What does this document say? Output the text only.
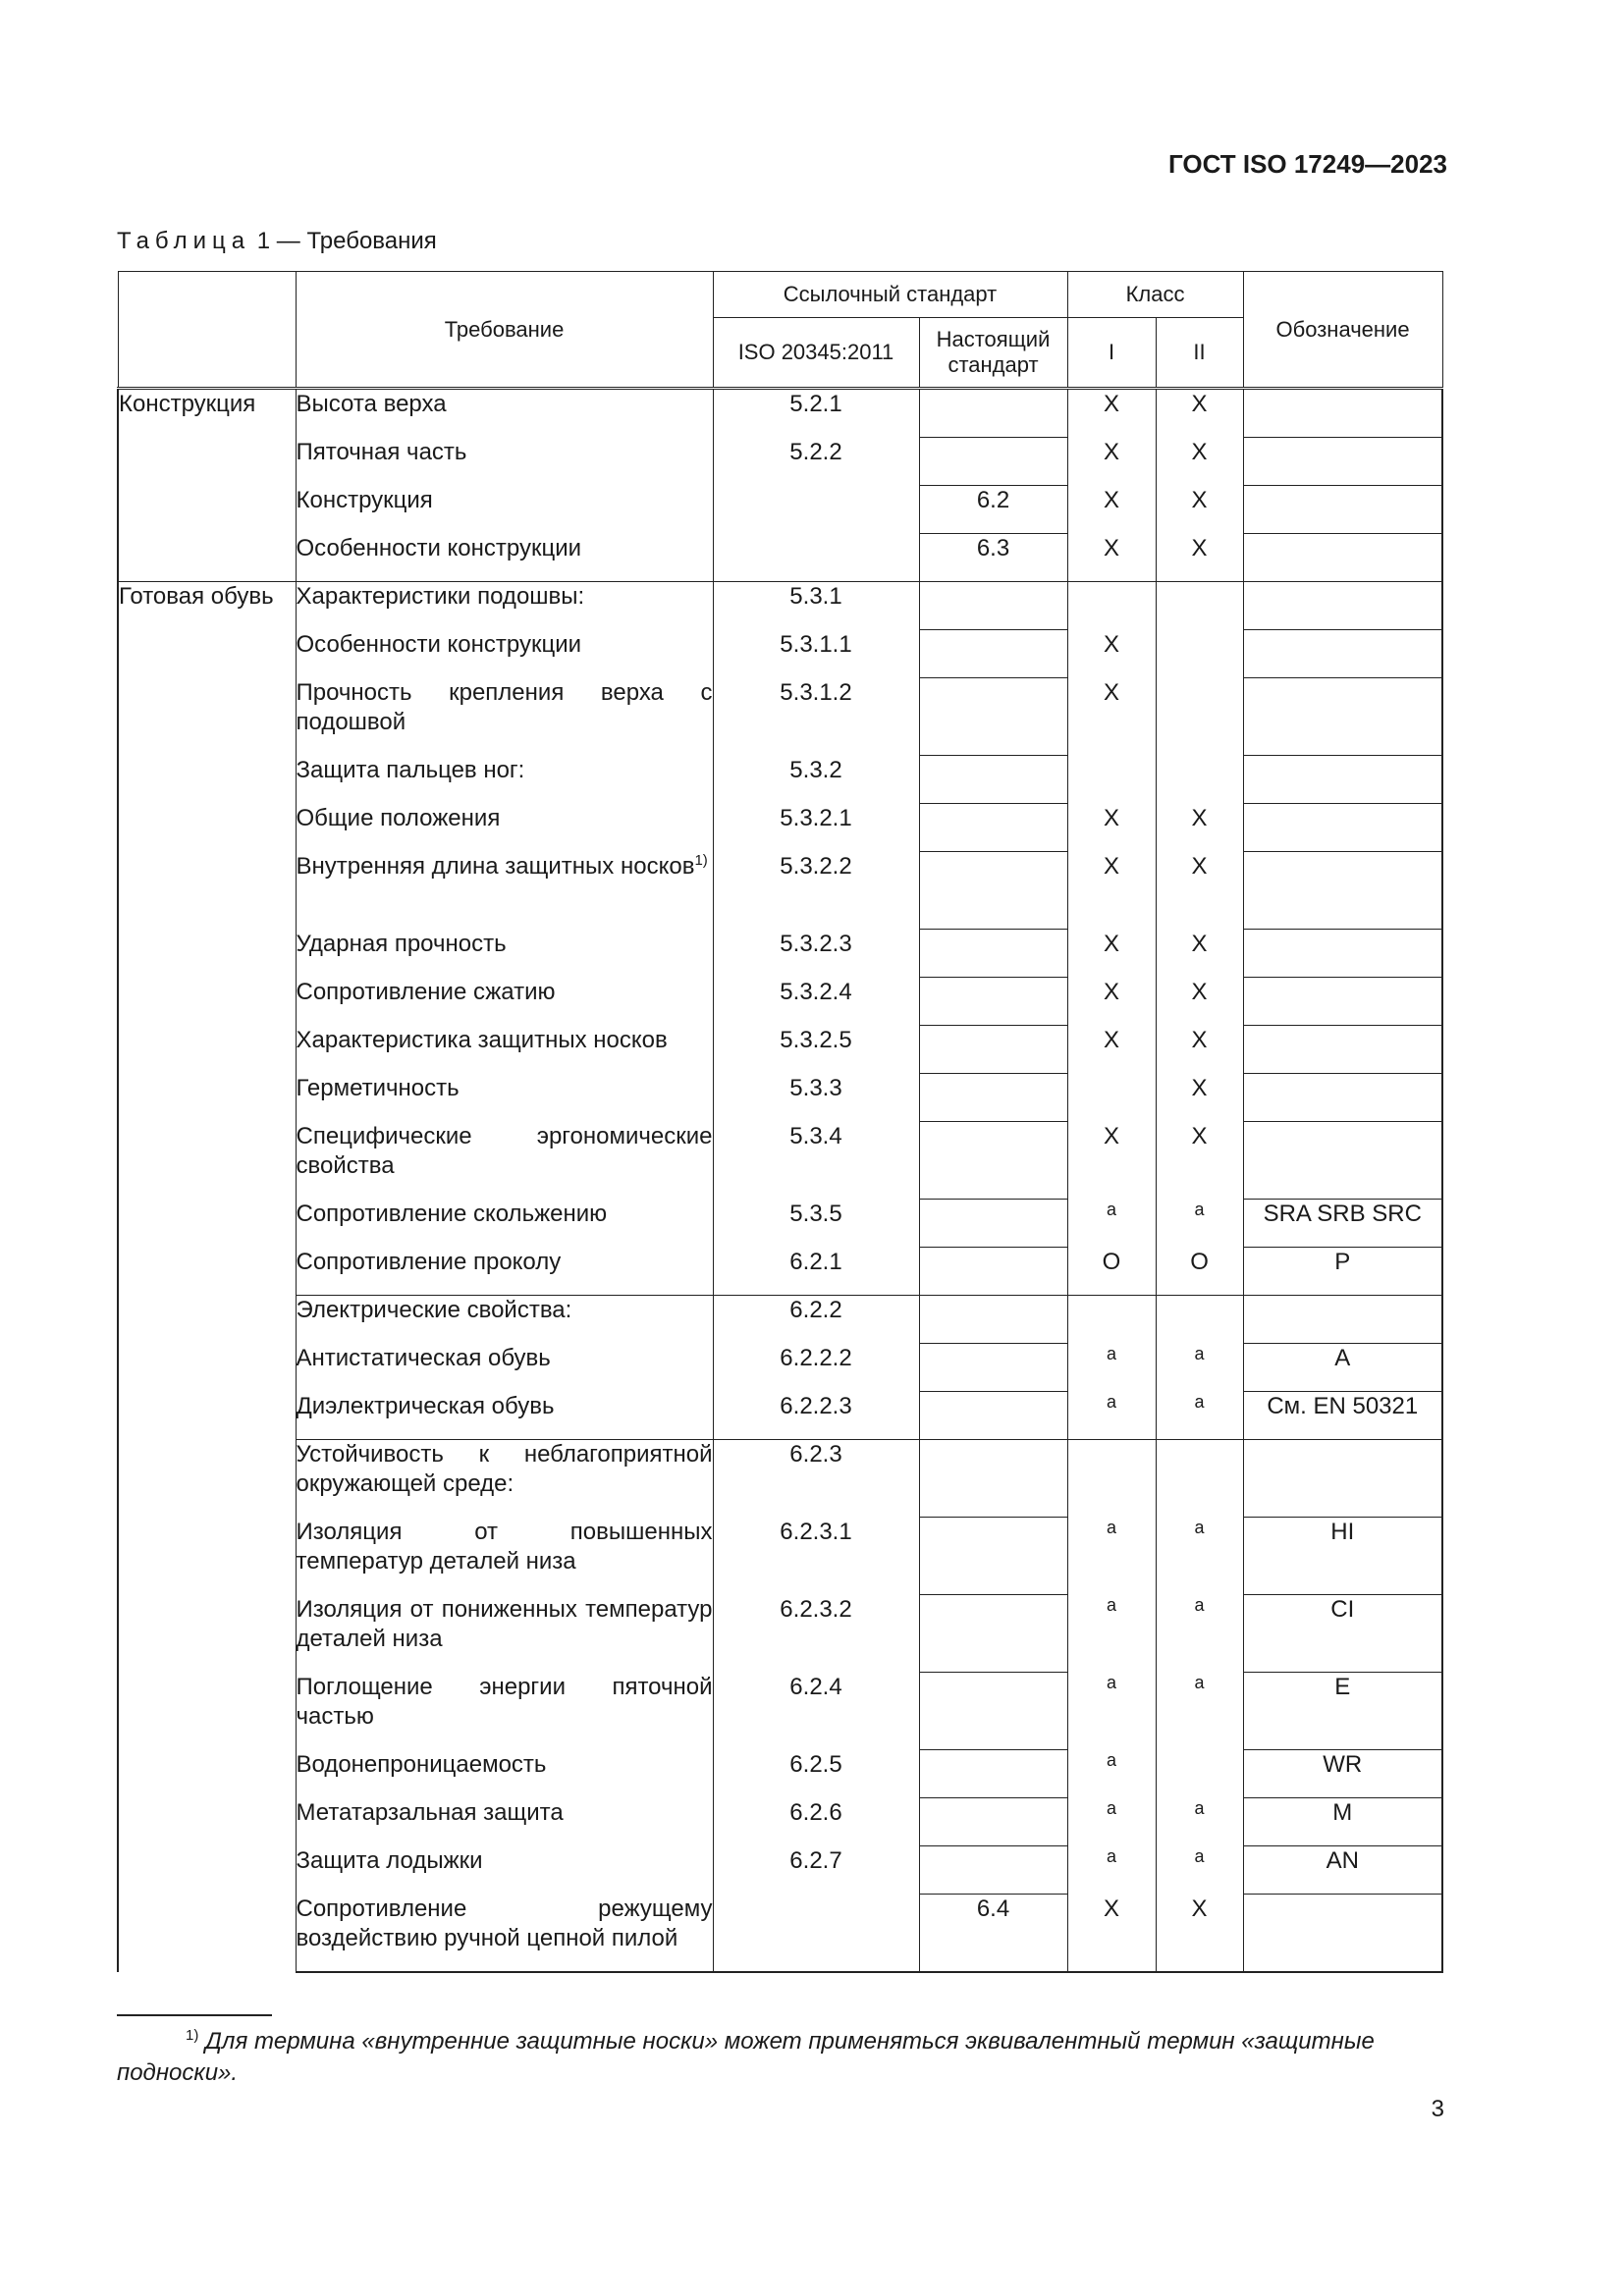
ГОСТ ISO 17249—2023
Таблица 1 — Требования
	Требование	Ссылочный стандарт		Класс		Обозначение
		ISO 20345:2011	Настоящий стандарт	I	II	
Конструкция	Высота верха	5.2.1		X	X	
	Пяточная часть	5.2.2		X	X	
	Конструкция		6.2	X	X	
	Особенности конструкции		6.3	X	X	
Готовая обувь	Характеристики подошвы:	5.3.1				
	Особенности конструкции	5.3.1.1		X		
	Прочность крепления верха с подошвой	5.3.1.2		X		
	Защита пальцев ног:	5.3.2				
	Общие положения	5.3.2.1		X	X	
	Внутренняя длина защитных носков$^{1)}$	5.3.2.2		X	X	
	Ударная прочность	5.3.2.3		X	X	
	Сопротивление сжатию	5.3.2.4		X	X	
	Характеристика защитных носков	5.3.2.5		X	X	
	Герметичность	5.3.3			X	
	Специфические эргономические свойства	5.3.4		X	X	
	Сопротивление скольжению	5.3.5		$^a$	$^a$	SRA SRB SRC
	Сопротивление проколу	6.2.1		O	O	P
	Электрические свойства:	6.2.2				
	Антистатическая обувь	6.2.2.2		$^a$	$^a$	A
	Диэлектрическая обувь	6.2.2.3		$^a$	$^a$	См. EN 50321
	Устойчивость к неблагоприятной окружающей среде:	6.2.3				
	Изоляция от повышенных температур деталей низа	6.2.3.1		$^a$	$^a$	HI
	Изоляция от пониженных температур деталей низа	6.2.3.2		$^a$	$^a$	CI
	Поглощение энергии пяточной частью	6.2.4		$^a$	$^a$	E
	Водонепроницаемость	6.2.5		$^a$		WR
	Метатарзальная защита	6.2.6		$^a$	$^a$	M
	Защита лодыжки	6.2.7		$^a$	$^a$	AN
	Сопротивление режущему воздействию ручной цепной пилой		6.4	X	X	
$^{1)}$ Для термина «внутренние защитные носки» может применяться эквивалентный термин «защитные подноски».
3
